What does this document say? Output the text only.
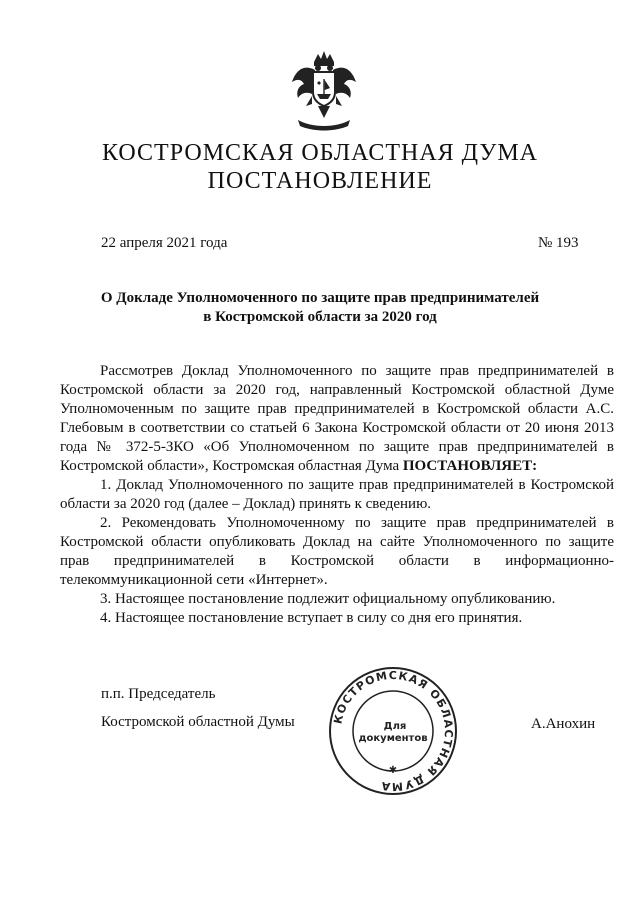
КОСТРОМСКАЯ ОБЛАСТНАЯ ДУМА
ПОСТАНОВЛЕНИЕ
22 апреля 2021 года	№ 193
О Докладе Уполномоченного по защите прав предпринимателей
в Костромской области за 2020 год

Рассмотрев Доклад Уполномоченного по защите прав предпринимателей в Костромской области за 2020 год, направленный Костромской областной Думе Уполномоченным по защите прав предпринимателей в Костромской области А.С. Глебовым в соответствии со статьей 6 Закона Костромской области от 20 июня 2013 года № 372-5-ЗКО «Об Уполномоченном по защите прав предпринимателей в Костромской области», Костромская областная Дума ПОСТАНОВЛЯЕТ:

1. Доклад Уполномоченного по защите прав предпринимателей в Костромской области за 2020 год (далее – Доклад) принять к сведению.

2. Рекомендовать Уполномоченному по защите прав предпринимателей в Костромской области опубликовать Доклад на сайте Уполномоченного по защите прав предпринимателей в Костромской области в информационно-телекоммуникационной сети «Интернет».

3. Настоящее постановление подлежит официальному опубликованию.

4. Настоящее постановление вступает в силу со дня его принятия.

п.п. Председатель
Костромской областной Думы	А.Анохин
КОСТРОМСКАЯ ОБЛАСТНАЯ ДУМА
✱
Для
документов
